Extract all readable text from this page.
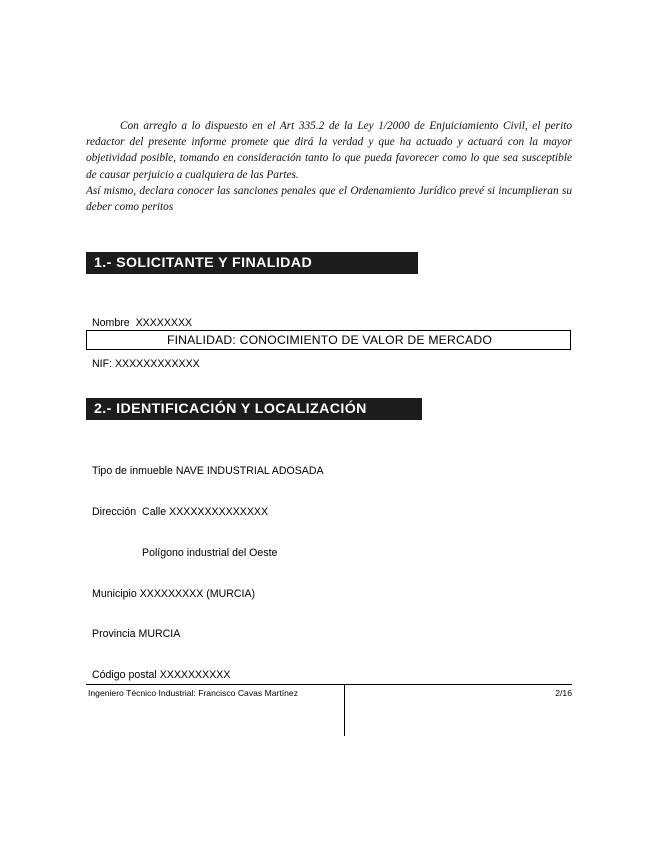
Con arreglo a lo dispuesto en el Art 335.2 de la Ley 1/2000 de Enjuiciamiento Civil, el perito redactor del presente informe promete que dirá la verdad y que ha actuado y actuará con la mayor objetividad posible, tomando en consideración tanto lo que pueda favorecer como lo que sea susceptible de causar perjuicio a cualquiera de las Partes.

Así mismo, declara conocer las sanciones penales que el Ordenamiento Jurídico prevé si incumplieran su deber como peritos

1.- SOLICITANTE Y FINALIDAD

Nombre  XXXXXXXX

NIF: XXXXXXXXXXXX

FINALIDAD: CONOCIMIENTO DE VALOR DE MERCADO
2.- IDENTIFICACIÓN Y LOCALIZACIÓN

Tipo de inmueble NAVE INDUSTRIAL ADOSADA

Dirección  Calle XXXXXXXXXXXXXX

Polígono industrial del Oeste

Municipio XXXXXXXXX (MURCIA)

Provincia MURCIA

Código postal XXXXXXXXXX

Ingeniero Técnico Industrial: Francisco Cavas Martínez	2/16
